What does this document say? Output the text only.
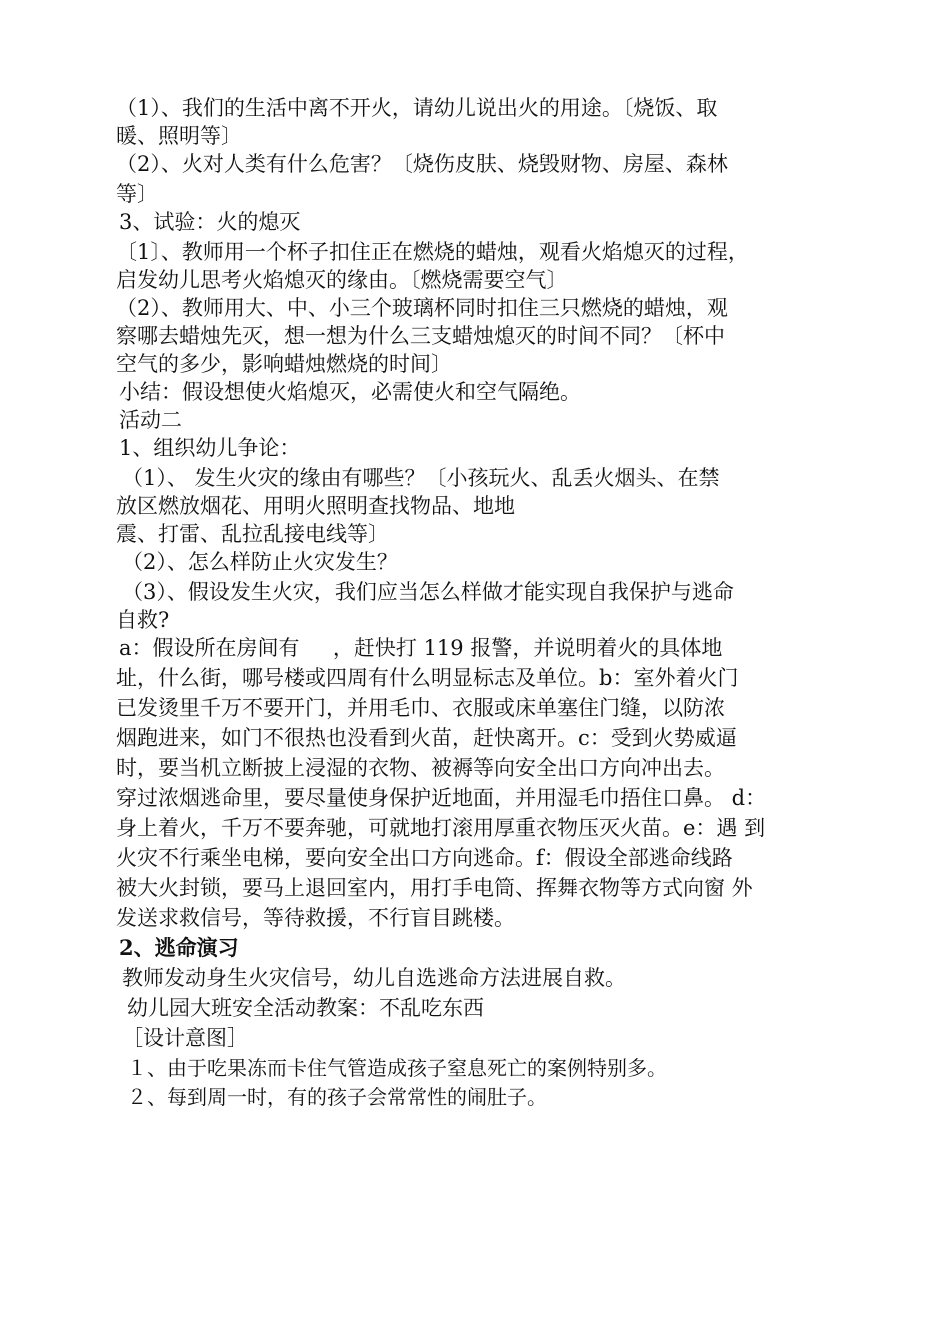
（1）、我们的生活中离不开火，请幼儿说出火的用途。〔烧饭、取
暖、照明等〕
（2）、火对人类有什么危害？〔烧伤皮肤、烧毁财物、房屋、森林
等〕
3、试验：火的熄灭
〔1〕、教师用一个杯子扣住正在燃烧的蜡烛，观看火焰熄灭的过程，
启发幼儿思考火焰熄灭的缘由。〔燃烧需要空气〕
（2）、教师用大、中、小三个玻璃杯同时扣住三只燃烧的蜡烛，观
察哪去蜡烛先灭，想一想为什么三支蜡烛熄灭的时间不同？〔杯中
空气的多少，影响蜡烛燃烧的时间〕
小结：假设想使火焰熄灭，必需使火和空气隔绝。
活动二
1、组织幼儿争论：
（1）、 发生火灾的缘由有哪些？〔小孩玩火、乱丢火烟头、在禁
放区燃放烟花、用明火照明查找物品、地地
震、打雷、乱拉乱接电线等〕
（2）、怎么样防止火灾发生？
（3）、假设发生火灾，我们应当怎么样做才能实现自我保护与逃命
自救?
a：假设所在房间有     ，赶快打 119 报警，并说明着火的具体地
址，什么街，哪号楼或四周有什么明显标志及单位。b：室外着火门
已发烫里千万不要开门，并用毛巾、衣服或床单塞住门缝，以防浓
烟跑进来，如门不很热也没看到火苗，赶快离开。c：受到火势威逼
时，要当机立断披上浸湿的衣物、被褥等向安全出口方向冲出去。
穿过浓烟逃命里，要尽量使身保护近地面，并用湿毛巾捂住口鼻。 d：
身上着火，千万不要奔驰，可就地打滚用厚重衣物压灭火苗。e：遇 到
火灾不行乘坐电梯，要向安全出口方向逃命。f：假设全部逃命线路
被大火封锁，要马上退回室内，用打手电筒、挥舞衣物等方式向窗 外
发送求救信号，等待救援，不行盲目跳楼。
2、逃命演习
教师发动身生火灾信号，幼儿自选逃命方法进展自救。
幼儿园大班安全活动教案：不乱吃东西
［设计意图］
１、由于吃果冻而卡住气管造成孩子窒息死亡的案例特别多。
２、每到周一时，有的孩子会常常性的闹肚子。
